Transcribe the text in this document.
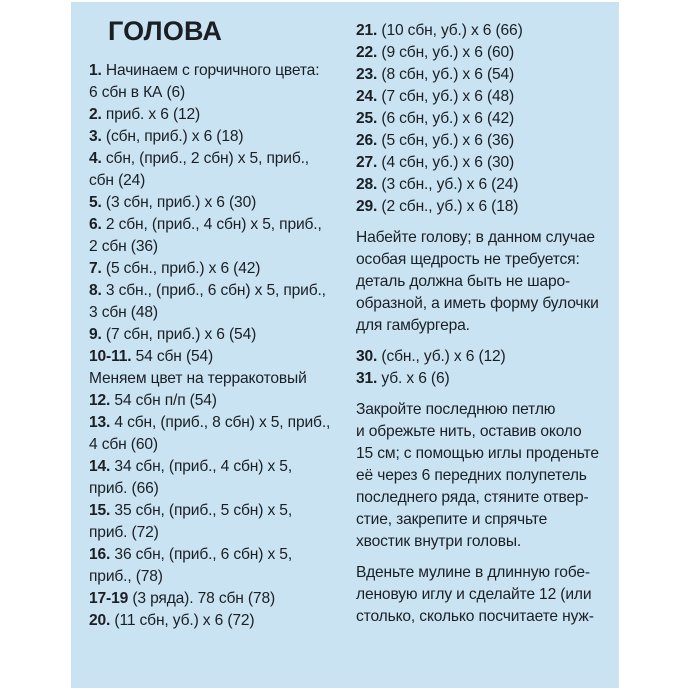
ГОЛОВА
1. Начинаем с горчичного цвета:
6 сбн в КА (6)
2. приб. х 6 (12)
3. (сбн, приб.) х 6 (18)
4. сбн, (приб., 2 сбн) х 5, приб.,
сбн (24)
5. (3 сбн, приб.) х 6 (30)
6. 2 сбн, (приб., 4 сбн) х 5, приб.,
2 сбн (36)
7. (5 сбн., приб.) х 6 (42)
8. 3 сбн., (приб., 6 сбн) х 5, приб.,
3 сбн (48)
9. (7 сбн, приб.) х 6 (54)
10-11. 54 сбн (54)
Меняем цвет на терракотовый
12. 54 сбн п/п (54)
13. 4 сбн, (приб., 8 сбн) х 5, приб.,
4 сбн (60)
14. 34 сбн, (приб., 4 сбн) х 5,
приб. (66)
15. 35 сбн, (приб., 5 сбн) х 5,
приб. (72)
16. 36 сбн, (приб., 6 сбн) х 5,
приб., (78)
17-19 (3 ряда). 78 сбн (78)
20. (11 сбн, уб.) х 6 (72)
21. (10 сбн, уб.) х 6 (66)
22. (9 сбн, уб.) х 6 (60)
23. (8 сбн, уб.) х 6 (54)
24. (7 сбн, уб.) х 6 (48)
25. (6 сбн, уб.) х 6 (42)
26. (5 сбн, уб.) х 6 (36)
27. (4 сбн, уб.) х 6 (30)
28. (3 сбн., уб.) х 6 (24)
29. (2 сбн., уб.) х 6 (18)
Набейте голову; в данном случае
особая щедрость не требуется:
деталь должна быть не шаро-
образной, а иметь форму булочки
для гамбургера.
30. (сбн., уб.) х 6 (12)
31. уб. х 6 (6)
Закройте последнюю петлю
и обрежьте нить, оставив около
15 см; с помощью иглы проденьте
её через 6 передних полупетель
последнего ряда, стяните отвер-
стие, закрепите и спрячьте
хвостик внутри головы.
Вденьте мулине в длинную гобе-
леновую иглу и сделайте 12 (или
столько, сколько посчитаете нуж-
